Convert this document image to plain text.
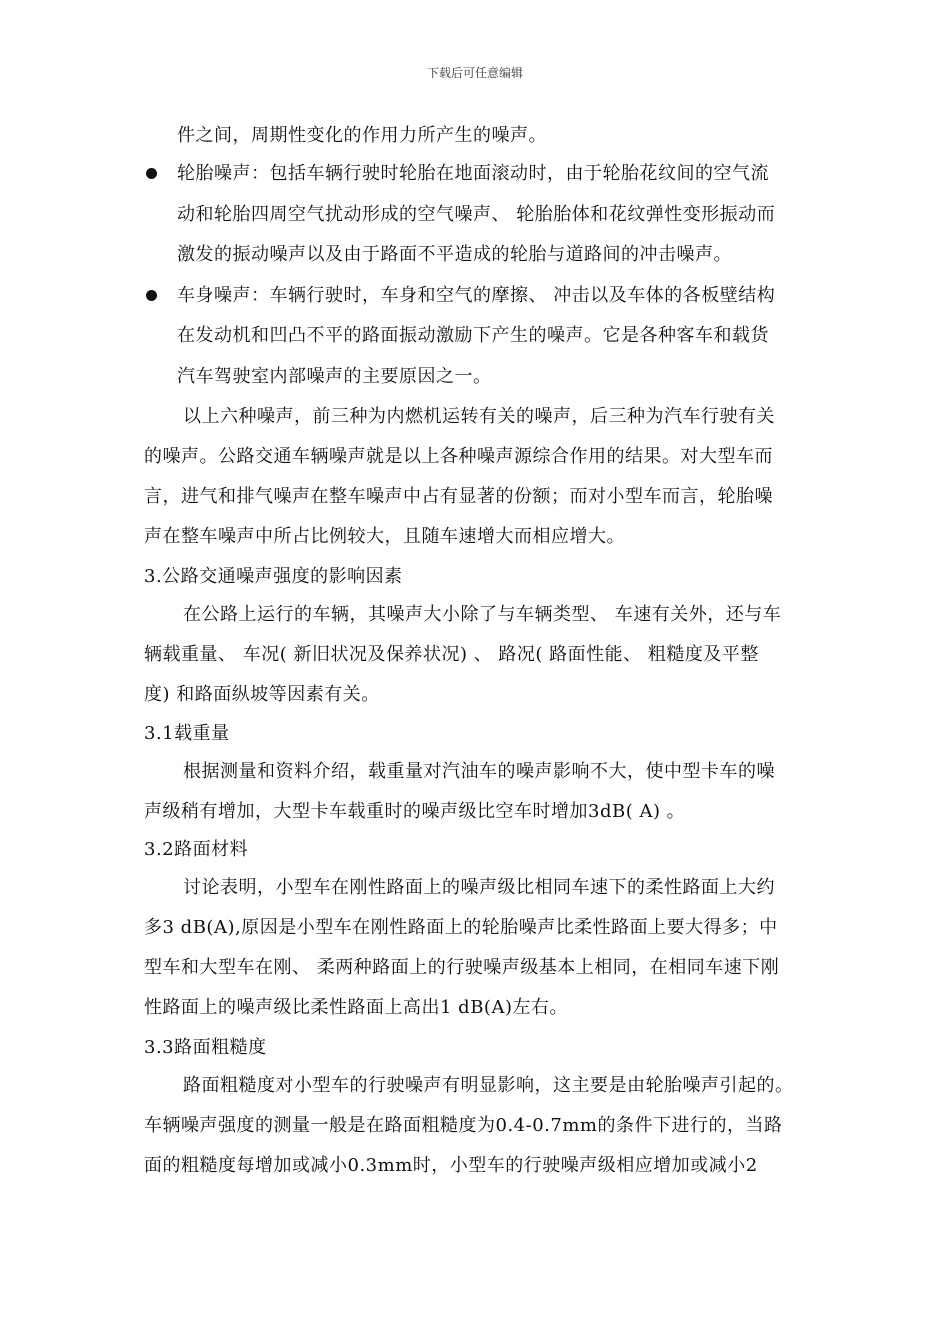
下载后可任意编辑
件之间，周期性变化的作用力所产生的噪声。
轮胎噪声：包括车辆行驶时轮胎在地面滚动时，由于轮胎花纹间的空气流
动和轮胎四周空气扰动形成的空气噪声、 轮胎胎体和花纹弹性变形振动而
激发的振动噪声以及由于路面不平造成的轮胎与道路间的冲击噪声。
车身噪声：车辆行驶时，车身和空气的摩擦、 冲击以及车体的各板壁结构
在发动机和凹凸不平的路面振动激励下产生的噪声。它是各种客车和载货
汽车驾驶室内部噪声的主要原因之一。
以上六种噪声，前三种为内燃机运转有关的噪声，后三种为汽车行驶有关
的噪声。公路交通车辆噪声就是以上各种噪声源综合作用的结果。对大型车而
言，进气和排气噪声在整车噪声中占有显著的份额；而对小型车而言，轮胎噪
声在整车噪声中所占比例较大，且随车速增大而相应增大。
3.公路交通噪声强度的影响因素
在公路上运行的车辆，其噪声大小除了与车辆类型、 车速有关外，还与车
辆载重量、 车况( 新旧状况及保养状况) 、 路况( 路面性能、 粗糙度及平整
度) 和路面纵坡等因素有关。
3.1载重量
根据测量和资料介绍，载重量对汽油车的噪声影响不大，使中型卡车的噪
声级稍有增加，大型卡车载重时的噪声级比空车时增加3dB( A) 。
3.2路面材料
讨论表明，小型车在刚性路面上的噪声级比相同车速下的柔性路面上大约
多3 dB(A),原因是小型车在刚性路面上的轮胎噪声比柔性路面上要大得多；中
型车和大型车在刚、 柔两种路面上的行驶噪声级基本上相同，在相同车速下刚
性路面上的噪声级比柔性路面上高出1 dB(A)左右。
3.3路面粗糙度
路面粗糙度对小型车的行驶噪声有明显影响，这主要是由轮胎噪声引起的。
车辆噪声强度的测量一般是在路面粗糙度为0.4-0.7mm的条件下进行的，当路
面的粗糙度每增加或减小0.3mm时，小型车的行驶噪声级相应增加或减小2
